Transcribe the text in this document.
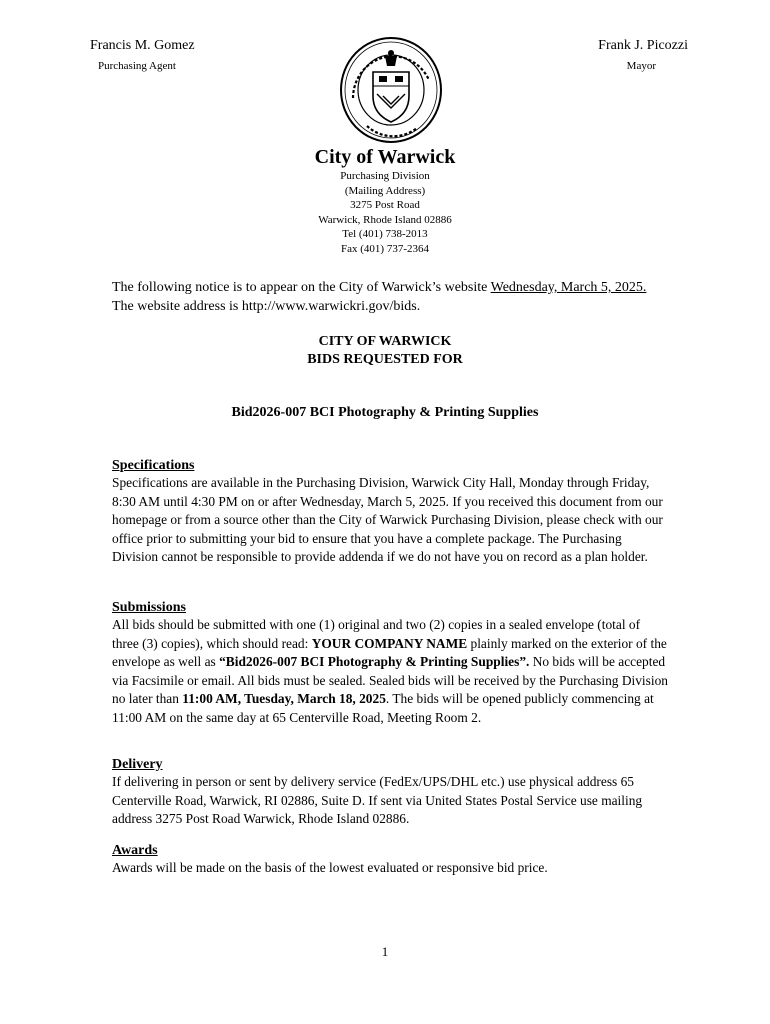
Francis M. Gomez
Purchasing Agent
Frank J. Picozzi
Mayor
City of Warwick
Purchasing Division
(Mailing Address)
3275 Post Road
Warwick, Rhode Island 02886
Tel (401) 738-2013
Fax (401) 737-2364
The following notice is to appear on the City of Warwick’s website Wednesday, March 5, 2025. The website address is http://www.warwickri.gov/bids.
CITY OF WARWICK
BIDS REQUESTED FOR
Bid2026-007 BCI Photography & Printing Supplies
Specifications
Specifications are available in the Purchasing Division, Warwick City Hall, Monday through Friday, 8:30 AM until 4:30 PM on or after Wednesday, March 5, 2025. If you received this document from our homepage or from a source other than the City of Warwick Purchasing Division, please check with our office prior to submitting your bid to ensure that you have a complete package. The Purchasing Division cannot be responsible to provide addenda if we do not have you on record as a plan holder.
Submissions
All bids should be submitted with one (1) original and two (2) copies in a sealed envelope (total of three (3) copies), which should read: YOUR COMPANY NAME plainly marked on the exterior of the envelope as well as “Bid2026-007 BCI Photography & Printing Supplies”. No bids will be accepted via Facsimile or email. All bids must be sealed. Sealed bids will be received by the Purchasing Division no later than 11:00 AM, Tuesday, March 18, 2025. The bids will be opened publicly commencing at 11:00 AM on the same day at 65 Centerville Road, Meeting Room 2.
Delivery
If delivering in person or sent by delivery service (FedEx/UPS/DHL etc.) use physical address 65 Centerville Road, Warwick, RI 02886, Suite D. If sent via United States Postal Service use mailing address 3275 Post Road Warwick, Rhode Island 02886.
Awards
Awards will be made on the basis of the lowest evaluated or responsive bid price.
1
